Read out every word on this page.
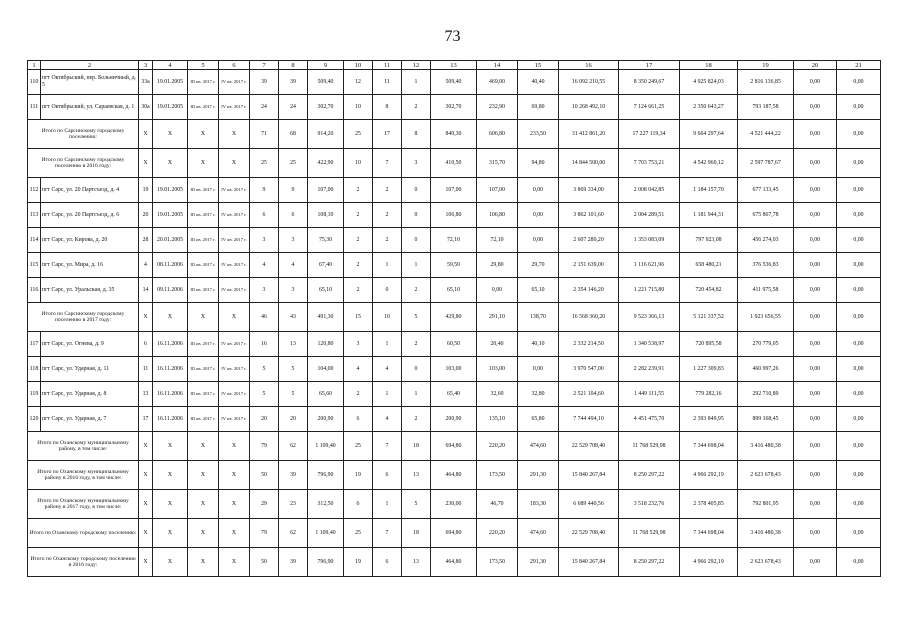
73
1	2	3	4	5	6	7	8	9	10	11	12	13	14	15	16	17	18	19	20	21
110	пгт Октябрьский, пер. Больничный, д. 5	33а	19.01.2005	III кв. 2017 г.	IV кв. 2017 г.	39	39	509,40	12	11	1	509,40	469,00	40,40	16 092 210,55	8 350 249,67	4 925 824,03	2 816 136,85	0,00	0,00
111	пгт Октябрьский, ул. Сараевская, д. 1	30а	19.01.2005	III кв. 2017 г.	IV кв. 2017 г.	24	24	302,70	10	8	2	302,70	232,90	69,80	10 268 492,10	7 124 661,25	2 350 643,27	793 187,58	0,00	0,00
Итого по Сарсинскому городскому поселению:		X	X	X	X	71	68	914,20	25	17	8	840,30	606,80	233,50	31 412 861,20	17 227 119,34	9 664 297,64	4 521 444,22	0,00	0,00
Итого по Сарсинскому городскому поселению в 2016 году:		X	X	X	X	25	25	422,90	10	7	3	410,50	315,70	94,80	14 844 500,00	7 703 753,21	4 542 960,12	2 597 787,67	0,00	0,00
112	пгт Сарс, ул. 20 Партсъезд, д. 4	19	19.01.2005	III кв. 2017 г.	IV кв. 2017 г.	9	9	107,00	2	2	0	107,00	107,00	0,00	3 869 334,00	2 008 042,85	1 184 157,70	677 133,45	0,00	0,00
113	пгт Сарс, ул. 20 Партсъезд, д. 6	20	19.01.2005	III кв. 2017 г.	IV кв. 2017 г.	6	6	108,10	2	2	0	106,80	106,80	0,00	3 862 101,60	2 004 289,51	1 181 944,31	675 867,78	0,00	0,00
114	пгт Сарс, ул. Кирова, д. 20	28	20.01.2005	III кв. 2017 г.	IV кв. 2017 г.	3	3	75,30	2	2	0	72,10	72,10	0,00	2 607 280,20	1 353 083,09	797 923,08	456 274,03	0,00	0,00
115	пгт Сарс, ул. Мира, д. 16	4	08.11.2006	III кв. 2017 г.	IV кв. 2017 г.	4	4	67,40	2	1	1	59,50	29,80	29,70	2 151 639,00	1 116 621,96	658 480,21	376 536,83	0,00	0,00
116	пгт Сарс, ул. Уральская, д. 35	14	09.11.2006	III кв. 2017 г.	IV кв. 2017 г.	3	3	65,10	2	0	2	65,10	0,00	65,10	2 354 146,20	1 221 715,80	720 454,82	411 975,58	0,00	0,00
Итого по Сарсинскому городскому поселению в 2017 году:		X	X	X	X	46	43	491,30	15	10	5	429,80	291,10	138,70	16 568 360,20	9 523 366,13	5 121 337,52	1 923 656,55	0,00	0,00
117	пгт Сарс, ул. Огнева, д. 9	6	16.11.2006	III кв. 2017 г.	IV кв. 2017 г.	16	13	120,80	3	1	2	60,50	20,40	40,10	2 332 214,50	1 340 538,97	720 895,58	270 779,05	0,00	0,00
118	пгт Сарс, ул. Ударная, д. 11	11	16.11.2006	III кв. 2017 г.	IV кв. 2017 г.	5	5	104,00	4	4	0	103,00	103,00	0,00	3 970 547,00	2 282 239,91	1 227 309,83	460 997,26	0,00	0,00
119	пгт Сарс, ул. Ударная, д. 8	13	16.11.2006	III кв. 2017 г.	IV кв. 2017 г.	5	5	65,60	2	1	1	65,40	32,60	32,80	2 521 104,60	1 449 111,55	779 282,16	292 710,89	0,00	0,00
120	пгт Сарс, ул. Ударная, д. 7	17	16.11.2006	III кв. 2017 г.	IV кв. 2017 г.	20	20	200,90	6	4	2	200,90	135,10	65,80	7 744 494,10	4 451 475,70	2 393 849,95	899 168,45	0,00	0,00
Итого по Оханскому муниципальному району, в том числе:		X	X	X	X	79	62	1 109,40	25	7	18	694,80	220,20	474,60	22 529 708,40	11 768 529,98	7 344 698,04	3 416 480,38	0,00	0,00
Итого по Оханскому муниципальному району в 2016 году, в том числе:		X	X	X	X	50	39	796,90	19	6	13	464,80	173,50	291,30	15 840 267,84	8 250 297,22	4 966 292,19	2 623 678,43	0,00	0,00
Итого по Оханскому муниципальному району в 2017 году, в том числе:		X	X	X	X	29	23	312,50	6	1	5	230,00	46,70	183,30	6 689 440,56	3 518 232,76	2 378 405,85	792 801,95	0,00	0,00
Итого по Оханскому городскому поселению:		X	X	X	X	79	62	1 109,40	25	7	18	694,80	220,20	474,60	22 529 708,40	11 768 529,98	7 344 698,04	3 416 480,38	0,00	0,00
Итого по Оханскому городскому поселению в 2016 году:		X	X	X	X	50	39	796,90	19	6	13	464,80	173,50	291,30	15 840 267,84	8 250 297,22	4 966 292,19	2 623 678,43	0,00	0,00
